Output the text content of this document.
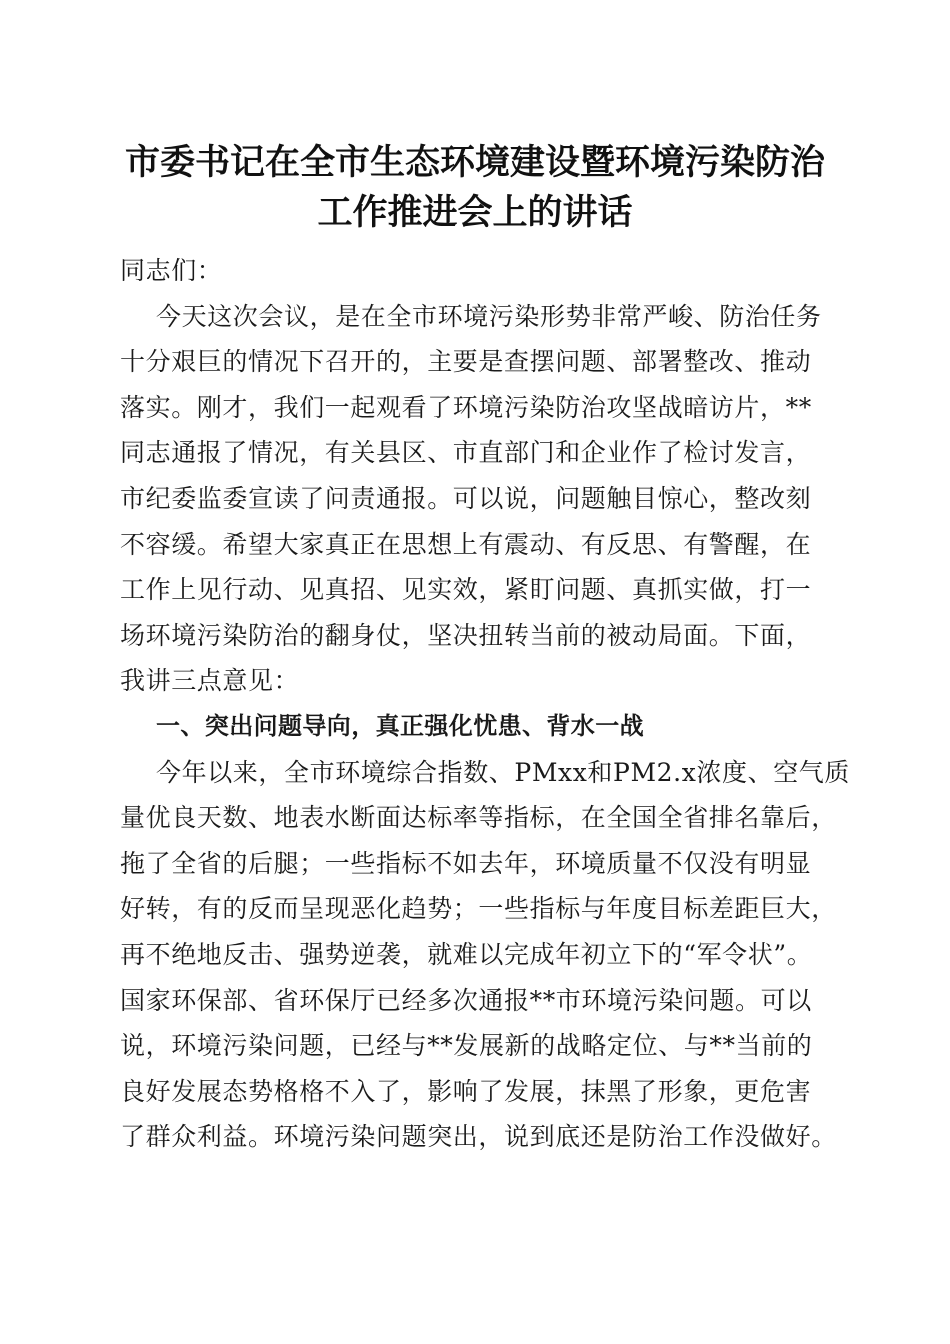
市委书记在全市生态环境建设暨环境污染防治
工作推进会上的讲话
同志们：
今天这次会议，是在全市环境污染形势非常严峻、防治任务
十分艰巨的情况下召开的，主要是查摆问题、部署整改、推动
落实。刚才，我们一起观看了环境污染防治攻坚战暗访片，**
同志通报了情况，有关县区、市直部门和企业作了检讨发言，
市纪委监委宣读了问责通报。可以说，问题触目惊心，整改刻
不容缓。希望大家真正在思想上有震动、有反思、有警醒，在
工作上见行动、见真招、见实效，紧盯问题、真抓实做，打一
场环境污染防治的翻身仗，坚决扭转当前的被动局面。下面，
我讲三点意见：
一、突出问题导向，真正强化忧患、背水一战
今年以来，全市环境综合指数、PMxx和PM2.x浓度、空气质
量优良天数、地表水断面达标率等指标，在全国全省排名靠后，
拖了全省的后腿；一些指标不如去年，环境质量不仅没有明显
好转，有的反而呈现恶化趋势；一些指标与年度目标差距巨大，
再不绝地反击、强势逆袭，就难以完成年初立下的“军令状”。
国家环保部、省环保厅已经多次通报**市环境污染问题。可以
说，环境污染问题，已经与**发展新的战略定位、与**当前的
良好发展态势格格不入了，影响了发展，抹黑了形象，更危害
了群众利益。环境污染问题突出，说到底还是防治工作没做好。
